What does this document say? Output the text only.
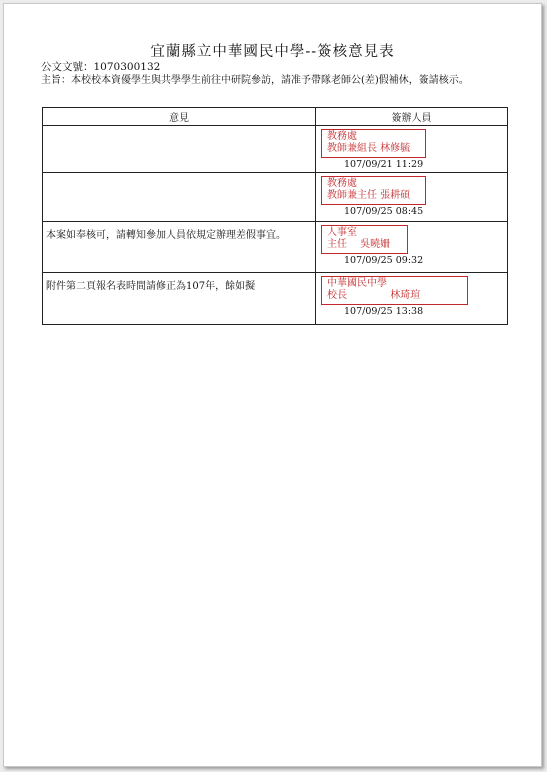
宜蘭縣立中華國民中學--簽核意見表
公文文號：1070300132
主旨：本校校本資優學生與共學學生前往中研院參訪，請准予帶隊老師公(差)假補休，簽請核示。
意見	簽辦人員

	教務處
教師兼組長 林修毓
107/09/21 11:29

	教務處
教師兼主任 張耕碩
107/09/25 08:45

本案如奉核可，請轉知參加人員依規定辦理差假事宜。	人事室
主任　 吳曉姍
107/09/25 09:32

附件第二頁報名表時間請修正為107年，餘如擬	中華國民中學
校長　　　　 林琦瑄
107/09/25 13:38
